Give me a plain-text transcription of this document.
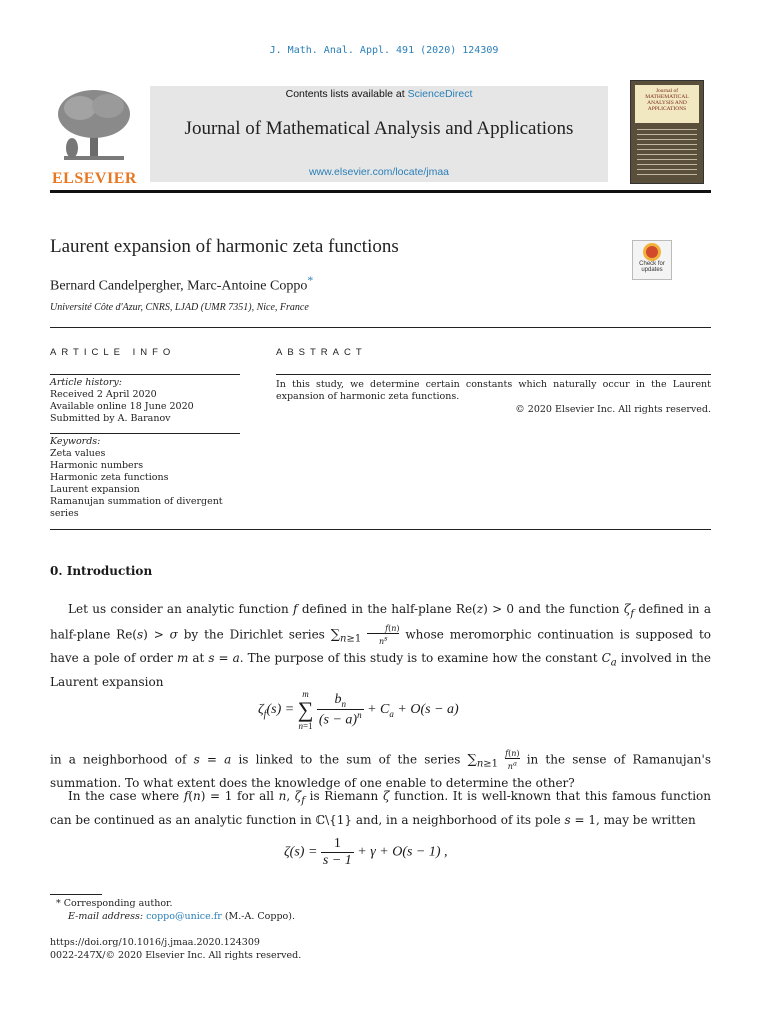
J. Math. Anal. Appl. 491 (2020) 124309
ELSEVIER
Contents lists available at ScienceDirect
Journal of Mathematical Analysis and Applications
www.elsevier.com/locate/jmaa
Journal of MATHEMATICAL ANALYSIS AND APPLICATIONS
Laurent expansion of harmonic zeta functions
Check for
updates
Bernard Candelpergher, Marc-Antoine Coppo*
Université Côte d'Azur, CNRS, LJAD (UMR 7351), Nice, France
ARTICLE INFO
Article history:
Received 2 April 2020
Available online 18 June 2020
Submitted by A. Baranov
Keywords:
Zeta values
Harmonic numbers
Harmonic zeta functions
Laurent expansion
Ramanujan summation of divergent series
ABSTRACT
In this study, we determine certain constants which naturally occur in the Laurent expansion of harmonic zeta functions.
© 2020 Elsevier Inc. All rights reserved.
0. Introduction
Let us consider an analytic function f defined in the half-plane Re(z) > 0 and the function $\zeta_f$ defined in a half-plane Re(s) > σ by the Dirichlet series $\sum_{n\ge 1} \frac{f(n)}{n^s}$ whose meromorphic continuation is supposed to have a pole of order m at s = a. The purpose of this study is to examine how the constant $C_a$ involved in the Laurent expansion
$\zeta_f(s)$ =
m
∑
n=1
$\frac{b_n}{(s - a)^n} + C_a + O(s - a)$
in a neighborhood of s = a is linked to the sum of the series $\sum_{n\ge 1} \frac{f(n)}{n^a}$ in the sense of Ramanujan's summation. To what extent does the knowledge of one enable to determine the other?
In the case where f(n) = 1 for all n, $\zeta_f$ is Riemann ζ function. It is well-known that this famous function can be continued as an analytic function in ℂ\{1} and, in a neighborhood of its pole s = 1, may be written
$\zeta(s) = \frac{1}{s - 1} + \gamma + O(s - 1)$ ,
* Corresponding author.
E-mail address: coppo@unice.fr (M.-A. Coppo).
https://doi.org/10.1016/j.jmaa.2020.124309
0022-247X/© 2020 Elsevier Inc. All rights reserved.
